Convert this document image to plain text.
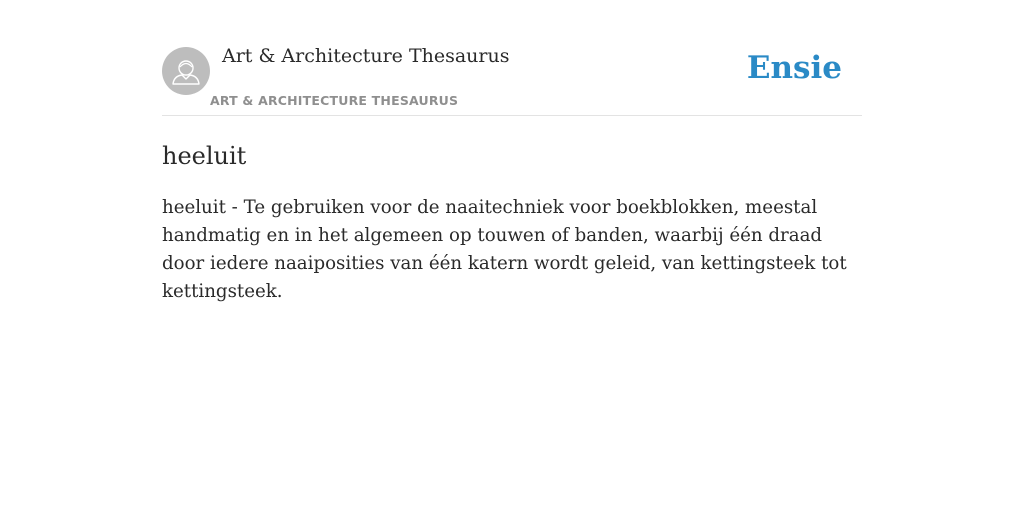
Art & Architecture Thesaurus
ART & ARCHITECTURE THESAURUS
Ensie
heeluit

heeluit - Te gebruiken voor de naaitechniek voor boekblokken, meestal handmatig en in het algemeen op touwen of banden, waarbij één draad door iedere naaiposities van één katern wordt geleid, van kettingsteek tot kettingsteek.
